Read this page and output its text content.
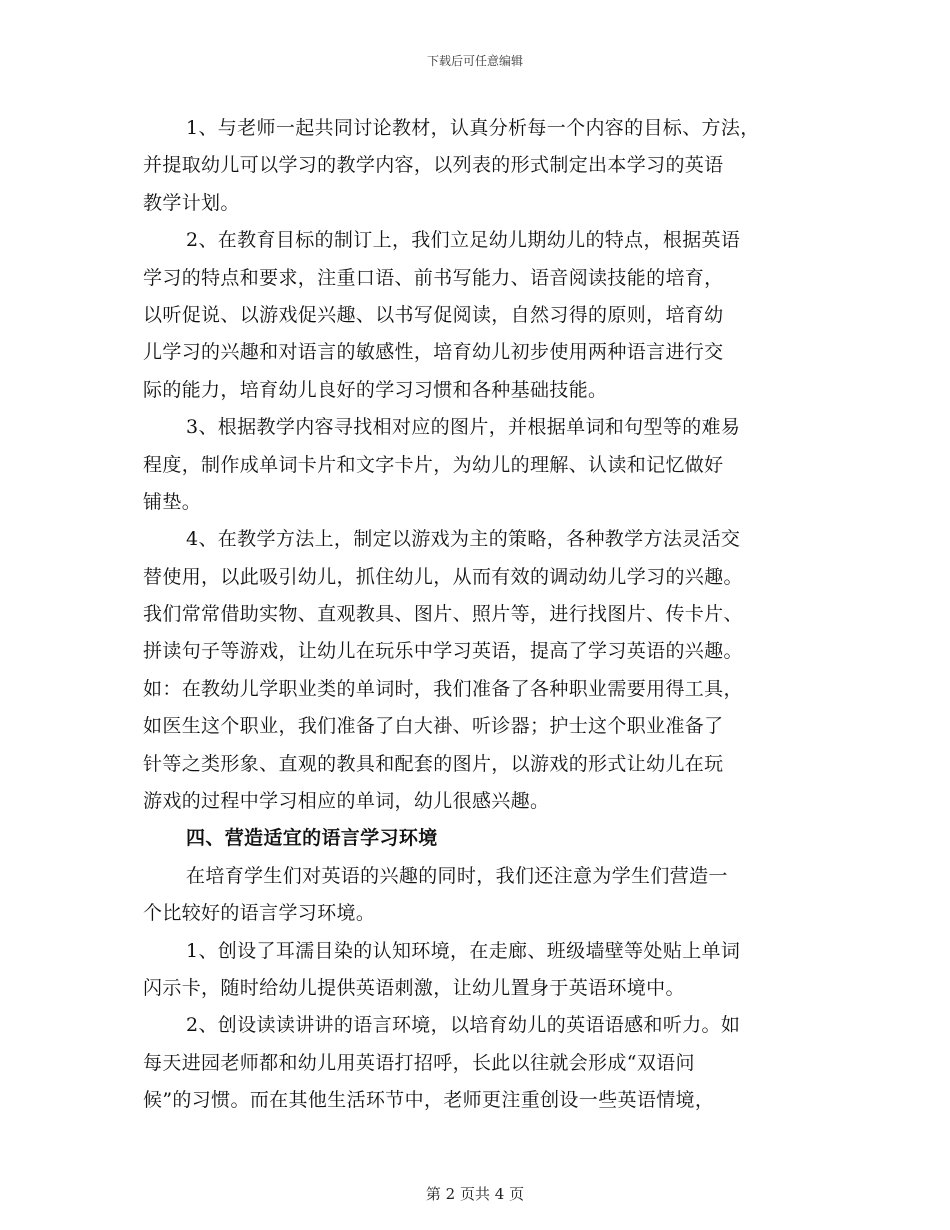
下载后可任意编辑
1、与老师一起共同讨论教材，认真分析每一个内容的目标、方法，
并提取幼儿可以学习的教学内容，以列表的形式制定出本学习的英语
教学计划。
2、在教育目标的制订上，我们立足幼儿期幼儿的特点，根据英语
学习的特点和要求，注重口语、前书写能力、语音阅读技能的培育，
以听促说、以游戏促兴趣、以书写促阅读，自然习得的原则，培育幼
儿学习的兴趣和对语言的敏感性，培育幼儿初步使用两种语言进行交
际的能力，培育幼儿良好的学习习惯和各种基础技能。
3、根据教学内容寻找相对应的图片，并根据单词和句型等的难易
程度，制作成单词卡片和文字卡片，为幼儿的理解、认读和记忆做好
铺垫。
4、在教学方法上，制定以游戏为主的策略，各种教学方法灵活交
替使用，以此吸引幼儿，抓住幼儿，从而有效的调动幼儿学习的兴趣。
我们常常借助实物、直观教具、图片、照片等，进行找图片、传卡片、
拼读句子等游戏，让幼儿在玩乐中学习英语，提高了学习英语的兴趣。
如：在教幼儿学职业类的单词时，我们准备了各种职业需要用得工具，
如医生这个职业，我们准备了白大褂、听诊器；护士这个职业准备了
针等之类形象、直观的教具和配套的图片，以游戏的形式让幼儿在玩
游戏的过程中学习相应的单词，幼儿很感兴趣。
四、营造适宜的语言学习环境
在培育学生们对英语的兴趣的同时，我们还注意为学生们营造一
个比较好的语言学习环境。
1、创设了耳濡目染的认知环境，在走廊、班级墙壁等处贴上单词
闪示卡，随时给幼儿提供英语刺激，让幼儿置身于英语环境中。
2、创设读读讲讲的语言环境，以培育幼儿的英语语感和听力。如
每天进园老师都和幼儿用英语打招呼，长此以往就会形成“双语问
候”的习惯。而在其他生活环节中，老师更注重创设一些英语情境，
第 2 页共 4 页
